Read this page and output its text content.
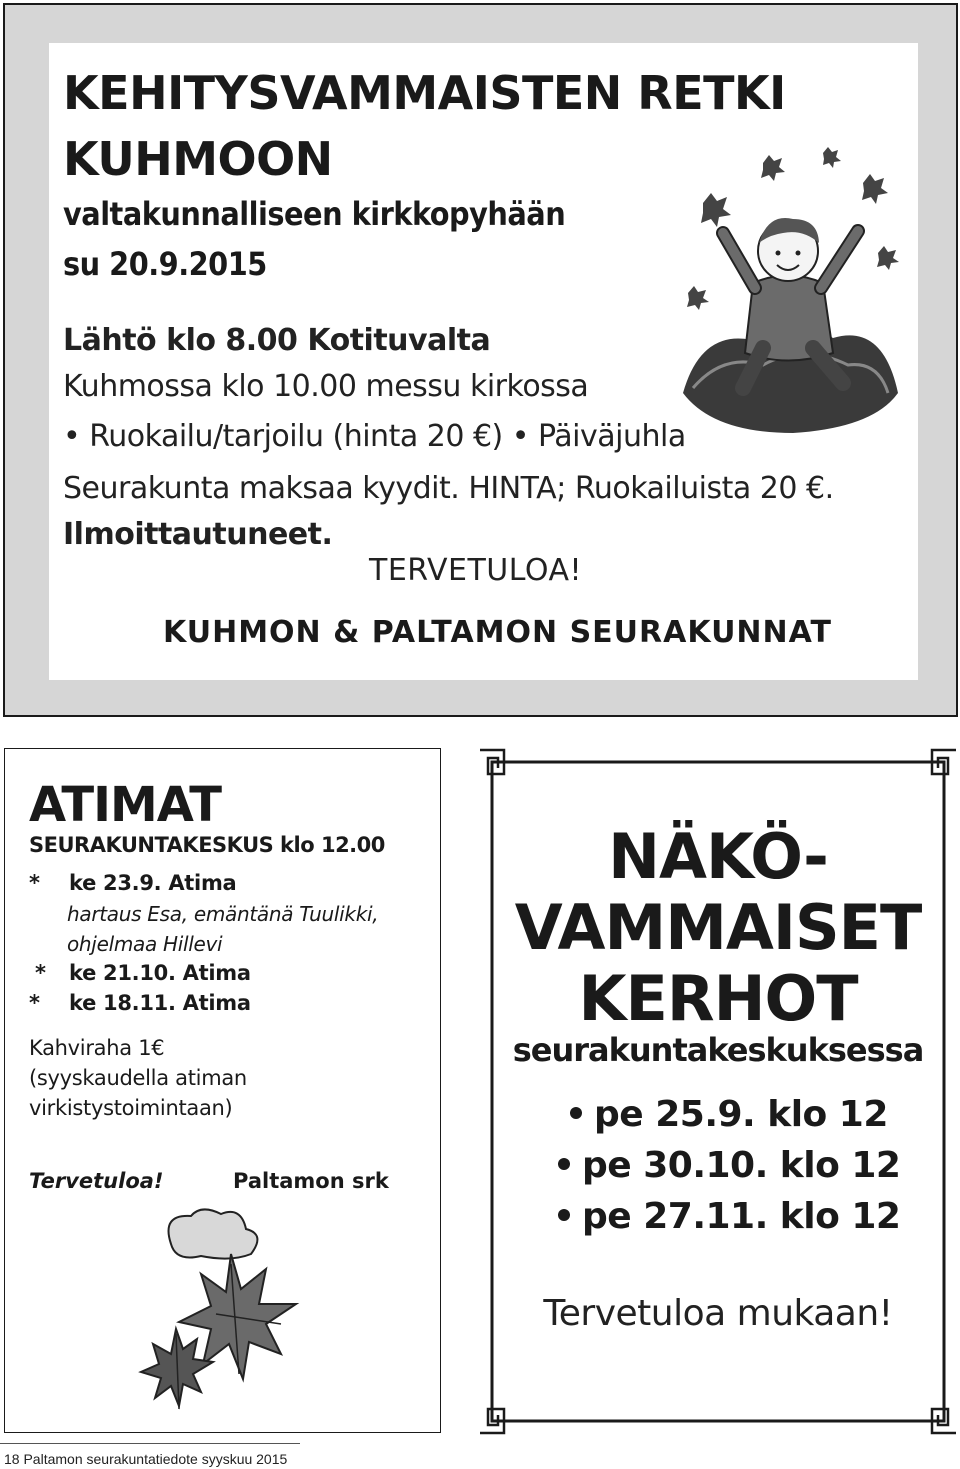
KEHITYSVAMMAISTEN RETKI
KUHMOON
valtakunnalliseen kirkkopyhään
su 20.9.2015
Lähtö klo 8.00 Kotituvalta
Kuhmossa klo 10.00 messu kirkossa
• Ruokailu/tarjoilu (hinta 20 €) • Päiväjuhla
Seurakunta maksaa kyydit. HINTA; Ruokailuista 20 €.
Ilmoittautuneet.
TERVETULOA!
KUHMON & PALTAMON SEURAKUNNAT
ATIMAT
SEURAKUNTAKESKUS klo 12.00
* ke 23.9. Atima
hartaus Esa, emäntänä Tuulikki,
ohjelmaa Hillevi
* ke 21.10. Atima
* ke 18.11. Atima
Kahviraha 1€
(syyskaudella atiman
virkistystoimintaan)
Tervetuloa!	Paltamon srk
NÄKÖ-
VAMMAISET
KERHOT
seurakuntakeskuksessa
pe 25.9. klo 12
pe 30.10. klo 12
pe 27.11. klo 12
Tervetuloa mukaan!
18 Paltamon seurakuntatiedote syyskuu 2015
